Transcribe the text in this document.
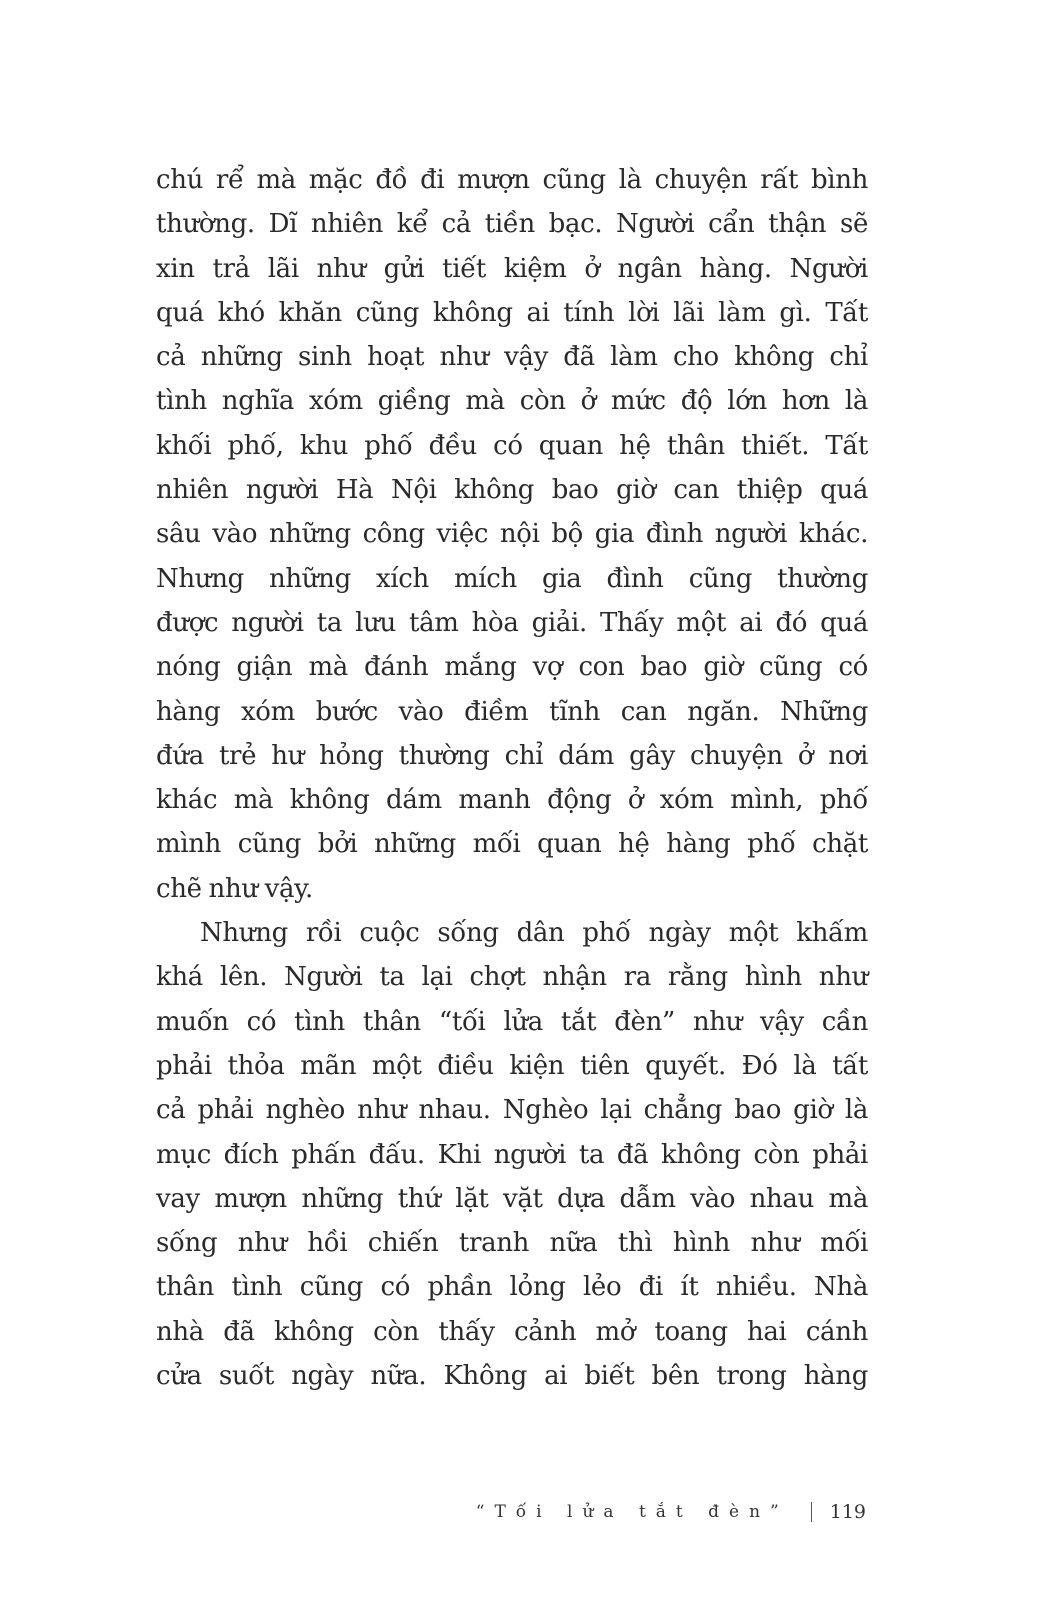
chú rể mà mặc đồ đi mượn cũng là chuyện rất bình
thường. Dĩ nhiên kể cả tiền bạc. Người cẩn thận sẽ
xin trả lãi như gửi tiết kiệm ở ngân hàng. Người
quá khó khăn cũng không ai tính lời lãi làm gì. Tất
cả những sinh hoạt như vậy đã làm cho không chỉ
tình nghĩa xóm giềng mà còn ở mức độ lớn hơn là
khối phố, khu phố đều có quan hệ thân thiết. Tất
nhiên người Hà Nội không bao giờ can thiệp quá
sâu vào những công việc nội bộ gia đình người khác.
Nhưng những xích mích gia đình cũng thường
được người ta lưu tâm hòa giải. Thấy một ai đó quá
nóng giận mà đánh mắng vợ con bao giờ cũng có
hàng xóm bước vào điềm tĩnh can ngăn. Những
đứa trẻ hư hỏng thường chỉ dám gây chuyện ở nơi
khác mà không dám manh động ở xóm mình, phố
mình cũng bởi những mối quan hệ hàng phố chặt
chẽ như vậy.
Nhưng rồi cuộc sống dân phố ngày một khấm
khá lên. Người ta lại chợt nhận ra rằng hình như
muốn có tình thân “tối lửa tắt đèn” như vậy cần
phải thỏa mãn một điều kiện tiên quyết. Đó là tất
cả phải nghèo như nhau. Nghèo lại chẳng bao giờ là
mục đích phấn đấu. Khi người ta đã không còn phải
vay mượn những thứ lặt vặt dựa dẫm vào nhau mà
sống như hồi chiến tranh nữa thì hình như mối
thân tình cũng có phần lỏng lẻo đi ít nhiều. Nhà
nhà đã không còn thấy cảnh mở toang hai cánh
cửa suốt ngày nữa. Không ai biết bên trong hàng
“Tối lửa tắt đèn” 119
